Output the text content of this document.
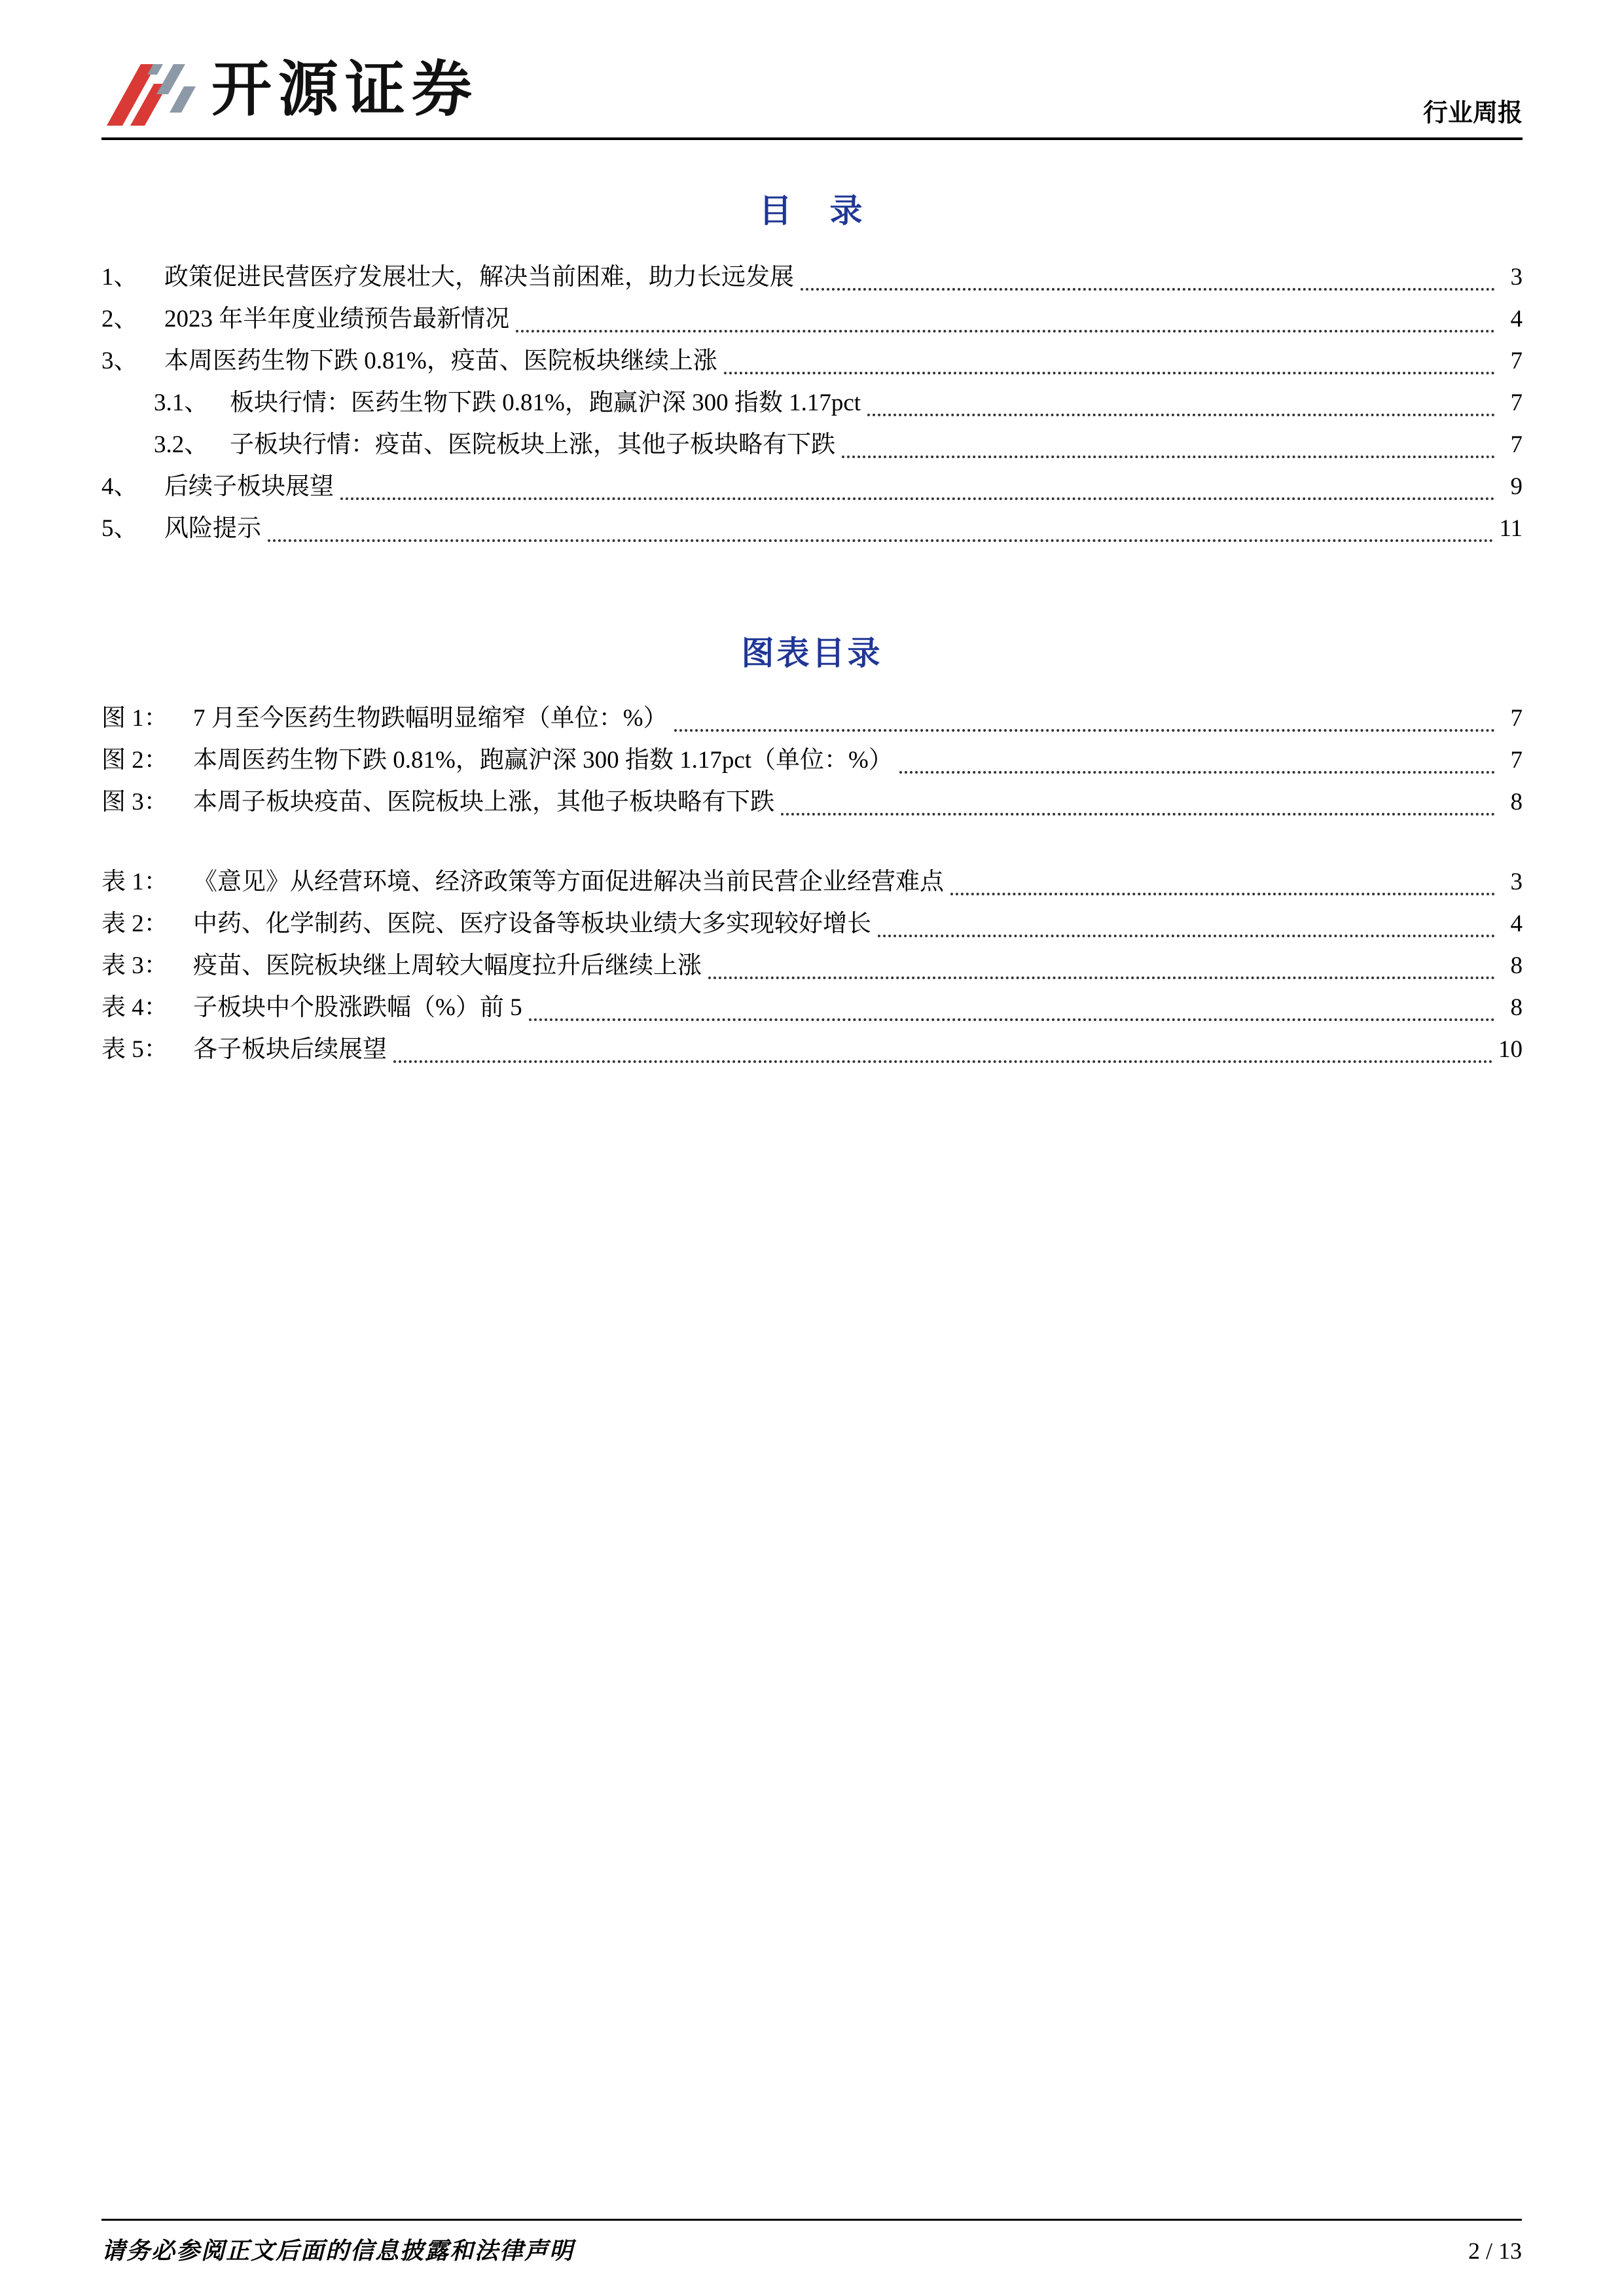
开源证券	行业周报
目　录
1、	政策促进民营医疗发展壮大，解决当前困难，助力长远发展	3
2、	2023 年半年度业绩预告最新情况	4
3、	本周医药生物下跌 0.81%，疫苗、医院板块继续上涨	7
3.1、 板块行情：医药生物下跌 0.81%，跑赢沪深 300 指数 1.17pct	7
3.2、 子板块行情：疫苗、医院板块上涨，其他子板块略有下跌	7
4、	后续子板块展望	9
5、	风险提示	11
图表目录
图 1：	7 月至今医药生物跌幅明显缩窄（单位：%）	7
图 2：	本周医药生物下跌 0.81%，跑赢沪深 300 指数 1.17pct（单位：%）	7
图 3：	本周子板块疫苗、医院板块上涨，其他子板块略有下跌	8
表 1：	《意见》从经营环境、经济政策等方面促进解决当前民营企业经营难点	3
表 2：	中药、化学制药、医院、医疗设备等板块业绩大多实现较好增长	4
表 3：	疫苗、医院板块继上周较大幅度拉升后继续上涨	8
表 4：	子板块中个股涨跌幅（%）前 5	8
表 5：	各子板块后续展望	10
请务必参阅正文后面的信息披露和法律声明	2 / 13
